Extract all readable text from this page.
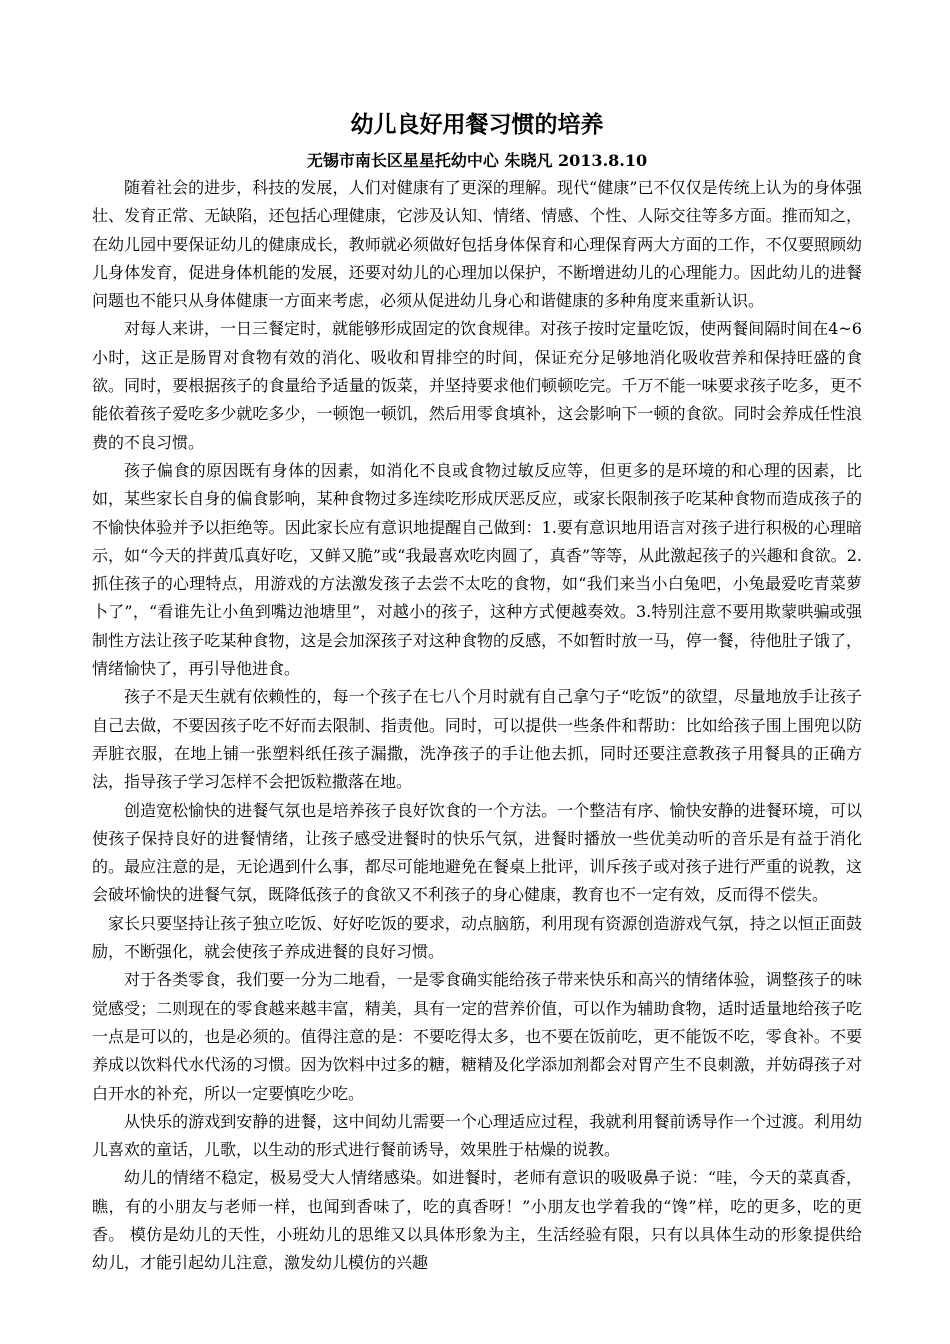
幼儿良好用餐习惯的培养

无锡市南长区星星托幼中心 朱晓凡 2013.8.10

随着社会的进步，科技的发展，人们对健康有了更深的理解。现代“健康”已不仅仅是传统上认为的身体强壮、发育正常、无缺陷，还包括心理健康，它涉及认知、情绪、情感、个性、人际交往等多方面。推而知之，在幼儿园中要保证幼儿的健康成长，教师就必须做好包括身体保育和心理保育两大方面的工作，不仅要照顾幼儿身体发育，促进身体机能的发展，还要对幼儿的心理加以保护，不断增进幼儿的心理能力。因此幼儿的进餐问题也不能只从身体健康一方面来考虑，必须从促进幼儿身心和谐健康的多种角度来重新认识。

对每人来讲，一日三餐定时，就能够形成固定的饮食规律。对孩子按时定量吃饭，使两餐间隔时间在4~6小时，这正是肠胃对食物有效的消化、吸收和胃排空的时间，保证充分足够地消化吸收营养和保持旺盛的食欲。同时，要根据孩子的食量给予适量的饭菜，并坚持要求他们顿顿吃完。千万不能一味要求孩子吃多，更不能依着孩子爱吃多少就吃多少，一顿饱一顿饥，然后用零食填补，这会影响下一顿的食欲。同时会养成任性浪费的不良习惯。

孩子偏食的原因既有身体的因素，如消化不良或食物过敏反应等，但更多的是环境的和心理的因素，比如，某些家长自身的偏食影响，某种食物过多连续吃形成厌恶反应，或家长限制孩子吃某种食物而造成孩子的不愉快体验并予以拒绝等。因此家长应有意识地提醒自己做到：1.要有意识地用语言对孩子进行积极的心理暗示，如“今天的拌黄瓜真好吃，又鲜又脆”或“我最喜欢吃肉圆了，真香”等等，从此激起孩子的兴趣和食欲。2.抓住孩子的心理特点，用游戏的方法激发孩子去尝不太吃的食物，如“我们来当小白兔吧，小兔最爱吃青菜萝卜了”，“看谁先让小鱼到嘴边池塘里”，对越小的孩子，这种方式便越奏效。3.特别注意不要用欺蒙哄骗或强制性方法让孩子吃某种食物，这是会加深孩子对这种食物的反感，不如暂时放一马，停一餐，待他肚子饿了，情绪愉快了，再引导他进食。

孩子不是天生就有依赖性的，每一个孩子在七八个月时就有自己拿勺子“吃饭”的欲望，尽量地放手让孩子自己去做，不要因孩子吃不好而去限制、指责他。同时，可以提供一些条件和帮助：比如给孩子围上围兜以防弄脏衣服，在地上铺一张塑料纸任孩子漏撒，洗净孩子的手让他去抓，同时还要注意教孩子用餐具的正确方法，指导孩子学习怎样不会把饭粒撒落在地。

创造宽松愉快的进餐气氛也是培养孩子良好饮食的一个方法。一个整洁有序、愉快安静的进餐环境，可以使孩子保持良好的进餐情绪，让孩子感受进餐时的快乐气氛，进餐时播放一些优美动听的音乐是有益于消化的。最应注意的是，无论遇到什么事，都尽可能地避免在餐桌上批评，训斥孩子或对孩子进行严重的说教，这会破坏愉快的进餐气氛，既降低孩子的食欲又不利孩子的身心健康，教育也不一定有效，反而得不偿失。

家长只要坚持让孩子独立吃饭、好好吃饭的要求，动点脑筋，利用现有资源创造游戏气氛，持之以恒正面鼓励，不断强化，就会使孩子养成进餐的良好习惯。

对于各类零食，我们要一分为二地看，一是零食确实能给孩子带来快乐和高兴的情绪体验，调整孩子的味觉感受；二则现在的零食越来越丰富，精美，具有一定的营养价值，可以作为辅助食物，适时适量地给孩子吃一点是可以的，也是必须的。值得注意的是：不要吃得太多，也不要在饭前吃，更不能饭不吃，零食补。不要养成以饮料代水代汤的习惯。因为饮料中过多的糖，糖精及化学添加剂都会对胃产生不良刺激，并妨碍孩子对白开水的补充，所以一定要慎吃少吃。

从快乐的游戏到安静的进餐，这中间幼儿需要一个心理适应过程，我就利用餐前诱导作一个过渡。利用幼儿喜欢的童话，儿歌，以生动的形式进行餐前诱导，效果胜于枯燥的说教。

幼儿的情绪不稳定，极易受大人情绪感染。如进餐时，老师有意识的吸吸鼻子说：“哇，今天的菜真香，瞧，有的小朋友与老师一样，也闻到香味了，吃的真香呀！”小朋友也学着我的“馋”样，吃的更多，吃的更香。 模仿是幼儿的天性，小班幼儿的思维又以具体形象为主，生活经验有限，只有以具体生动的形象提供给幼儿，才能引起幼儿注意，激发幼儿模仿的兴趣
